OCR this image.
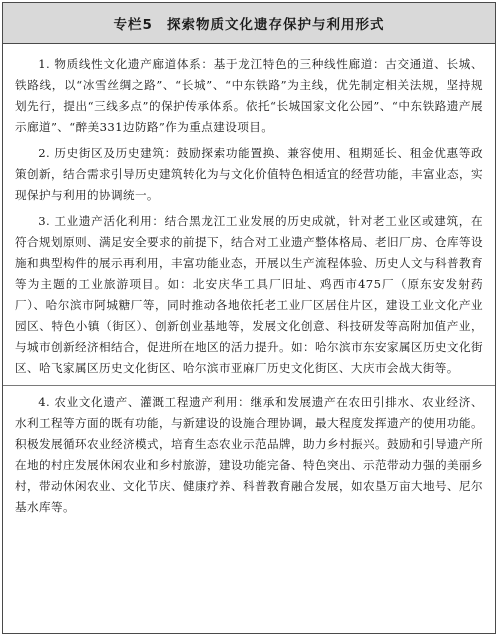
专栏5 探索物质文化遗存保护与利用形式

1. 物质线性文化遗产廊道体系：基于龙江特色的三种线性廊道：古交通道、长城、铁路线，以“冰雪丝绸之路”、“长城”、“中东铁路”为主线，优先制定相关法规，坚持规划先行，提出“三线多点”的保护传承体系。依托“长城国家文化公园”、“中东铁路遗产展示廊道”、“醉美331边防路”作为重点建设项目。

2. 历史街区及历史建筑：鼓励探索功能置换、兼容使用、租期延长、租金优惠等政策创新，结合需求引导历史建筑转化为与文化价值特色相适宜的经营功能，丰富业态，实现保护与利用的协调统一。

3. 工业遗产活化利用：结合黑龙江工业发展的历史成就，针对老工业区或建筑，在符合规划原则、满足安全要求的前提下，结合对工业遗产整体格局、老旧厂房、仓库等设施和典型构件的展示再利用，丰富功能业态，开展以生产流程体验、历史人文与科普教育等为主题的工业旅游项目。如：北安庆华工具厂旧址、鸡西市475厂（原东安发射药厂）、哈尔滨市阿城糖厂等，同时推动各地依托老工业厂区居住片区，建设工业文化产业园区、特色小镇（街区）、创新创业基地等，发展文化创意、科技研发等高附加值产业，与城市创新经济相结合，促进所在地区的活力提升。如：哈尔滨市东安家属区历史文化街区、哈飞家属区历史文化街区、哈尔滨市亚麻厂历史文化街区、大庆市会战大街等。

4. 农业文化遗产、灌溉工程遗产利用：继承和发展遗产在农田引排水、农业经济、水利工程等方面的既有功能，与新建设的设施合理协调，最大程度发挥遗产的使用功能。积极发展循环农业经济模式，培育生态农业示范品牌，助力乡村振兴。鼓励和引导遗产所在地的村庄发展休闲农业和乡村旅游，建设功能完备、特色突出、示范带动力强的美丽乡村，带动休闲农业、文化节庆、健康疗养、科普教育融合发展，如农垦万亩大地号、尼尔基水库等。
